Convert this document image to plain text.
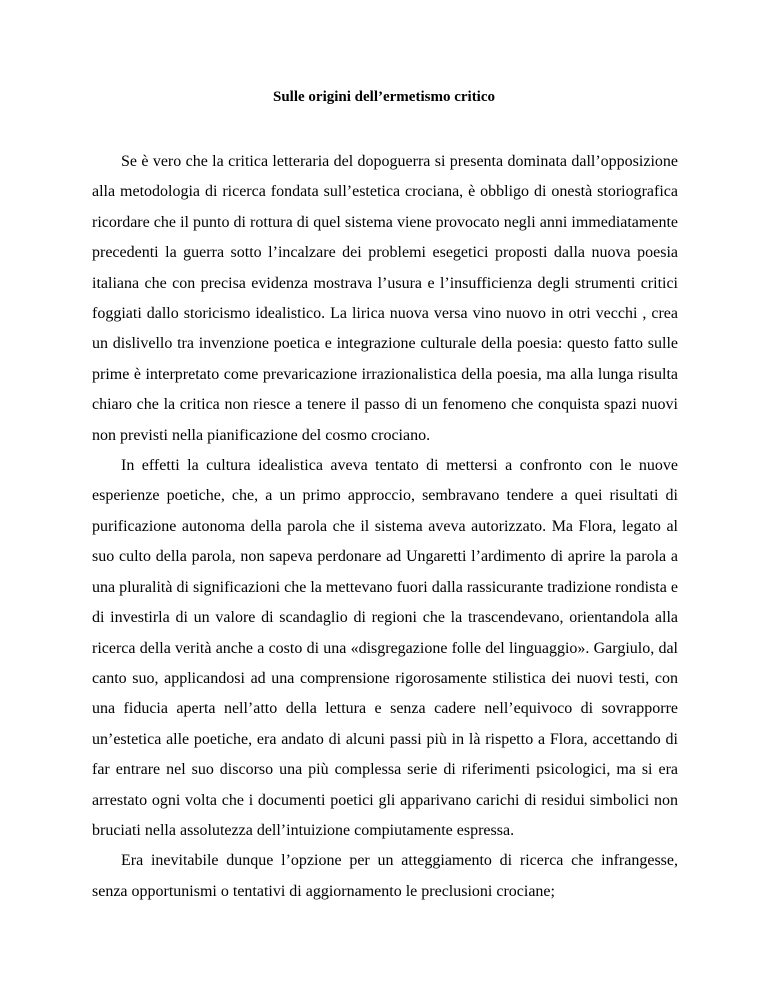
Sulle origini dell’ermetismo critico

Se è vero che la critica letteraria del dopoguerra si presenta dominata dall’opposizione alla metodologia di ricerca fondata sull’estetica crociana, è obbligo di onestà storiografica ricordare che il punto di rottura di quel sistema viene provocato negli anni immediatamente precedenti la guerra sotto l’incalzare dei problemi esegetici proposti dalla nuova poesia italiana che con precisa evidenza mostrava l’usura e l’insufficienza degli strumenti critici foggiati dallo storicismo idealistico. La lirica nuova versa vino nuovo in otri vecchi , crea un dislivello tra invenzione poetica e integrazione culturale della poesia: questo fatto sulle prime è interpretato come prevaricazione irrazionalistica della poesia, ma alla lunga risulta chiaro che la critica non riesce a tenere il passo di un fenomeno che conquista spazi nuovi non previsti nella pianificazione del cosmo crociano.

In effetti la cultura idealistica aveva tentato di mettersi a confronto con le nuove esperienze poetiche, che, a un primo approccio, sembravano tendere a quei risultati di purificazione autonoma della parola che il sistema aveva autorizzato. Ma Flora, legato al suo culto della parola, non sapeva perdonare ad Ungaretti l’ardimento di aprire la parola a una pluralità di significazioni che la mettevano fuori dalla rassicurante tradizione rondista e di investirla di un valore di scandaglio di regioni che la trascendevano, orientandola alla ricerca della verità anche a costo di una «disgregazione folle del linguaggio». Gargiulo, dal canto suo, applicandosi ad una comprensione rigorosamente stilistica dei nuovi testi, con una fiducia aperta nell’atto della lettura e senza cadere nell’equivoco di sovrapporre un’estetica alle poetiche, era andato di alcuni passi più in là rispetto a Flora, accettando di far entrare nel suo discorso una più complessa serie di riferimenti psicologici, ma si era arrestato ogni volta che i documenti poetici gli apparivano carichi di residui simbolici non bruciati nella assolutezza dell’intuizione compiutamente espressa.

Era inevitabile dunque l’opzione per un atteggiamento di ricerca che infrangesse, senza opportunismi o tentativi di aggiornamento le preclusioni crociane;
